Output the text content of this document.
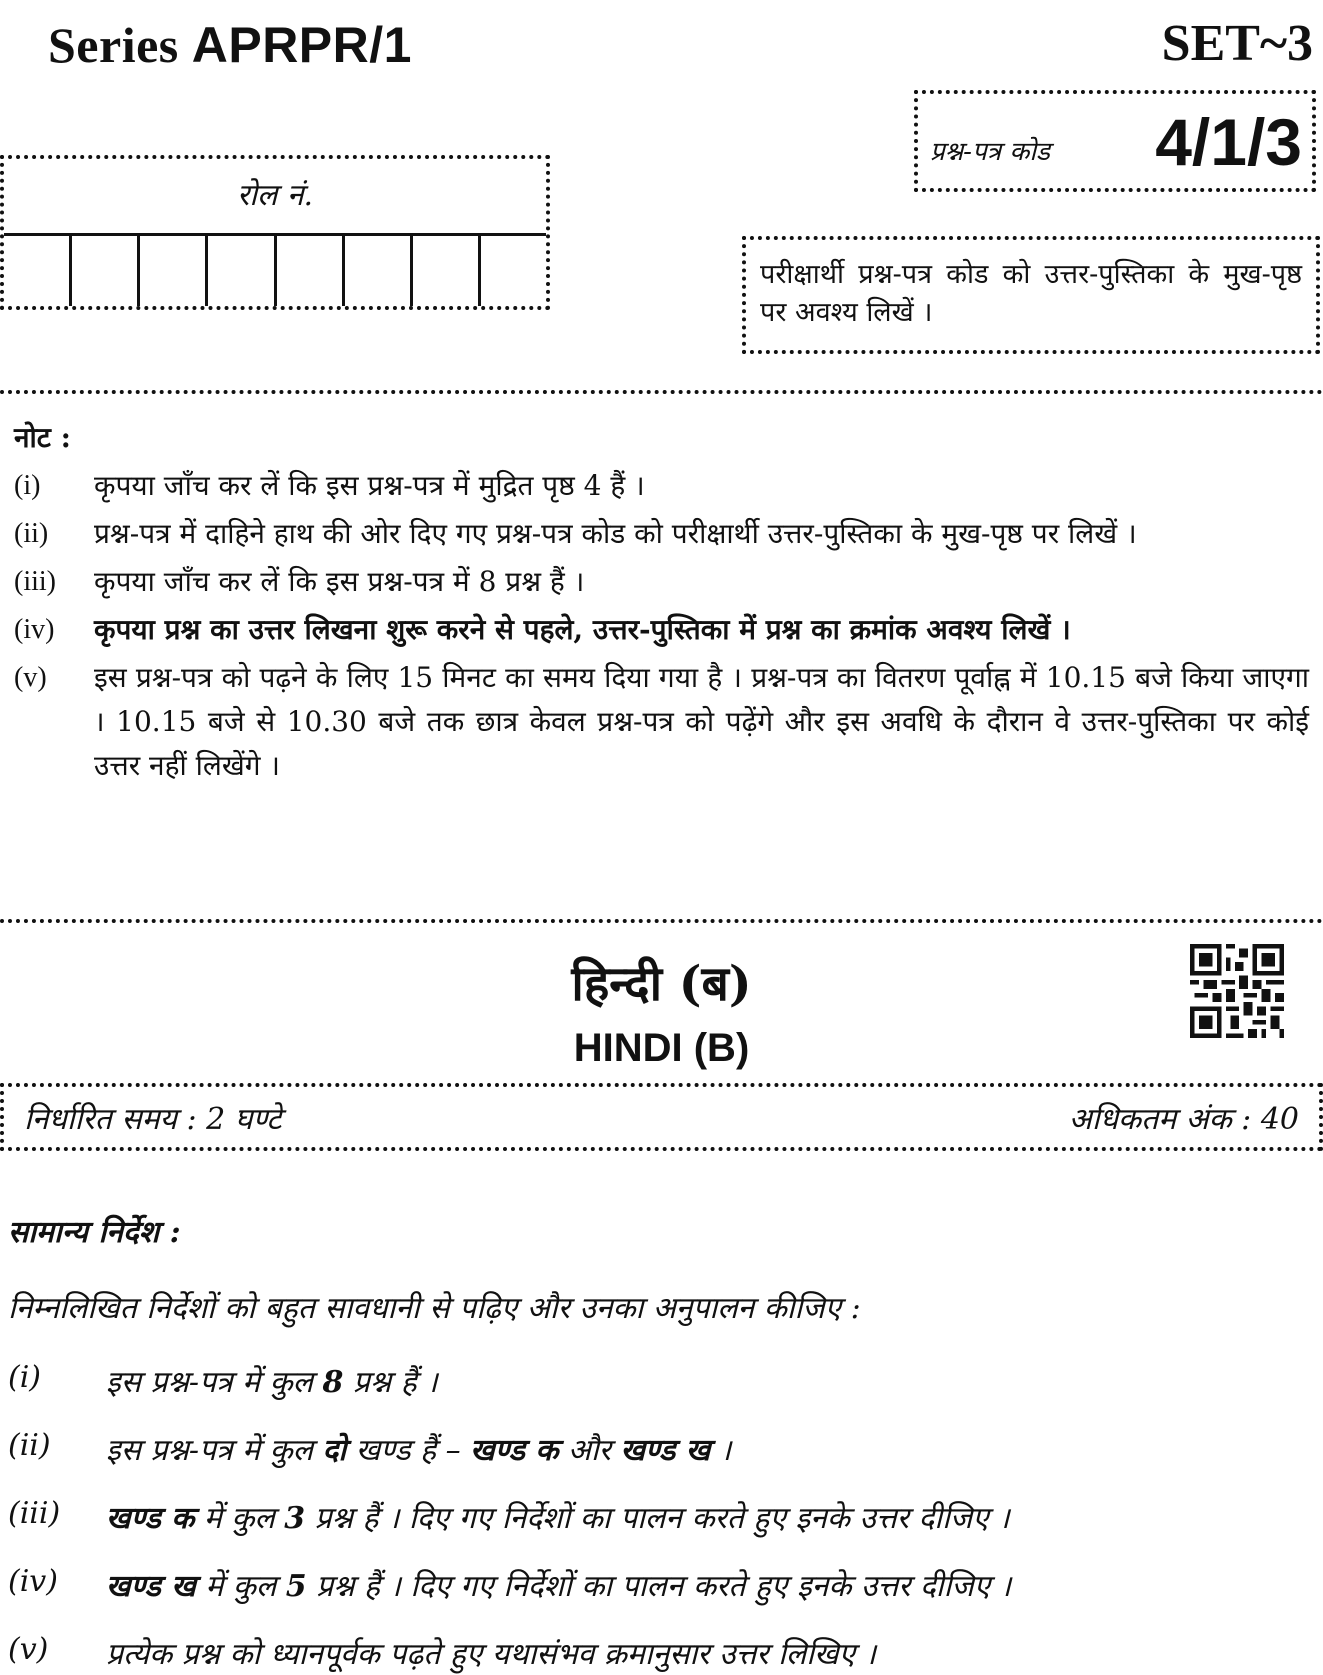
Series APRPR/1	SET~3
प्रश्न-पत्र कोड 4/1/3
रोल नं.
परीक्षार्थी प्रश्न-पत्र कोड को उत्तर-पुस्तिका के मुख-पृष्ठ पर अवश्य लिखें ।
नोट :
(i)	कृपया जाँच कर लें कि इस प्रश्न-पत्र में मुद्रित पृष्ठ 4 हैं ।
(ii)	प्रश्न-पत्र में दाहिने हाथ की ओर दिए गए प्रश्न-पत्र कोड को परीक्षार्थी उत्तर-पुस्तिका के मुख-पृष्ठ पर लिखें ।
(iii)	कृपया जाँच कर लें कि इस प्रश्न-पत्र में 8 प्रश्न हैं ।
(iv)	कृपया प्रश्न का उत्तर लिखना शुरू करने से पहले, उत्तर-पुस्तिका में प्रश्न का क्रमांक अवश्य लिखें ।
(v)	इस प्रश्न-पत्र को पढ़ने के लिए 15 मिनट का समय दिया गया है । प्रश्न-पत्र का वितरण पूर्वाह्न में 10.15 बजे किया जाएगा । 10.15 बजे से 10.30 बजे तक छात्र केवल प्रश्न-पत्र को पढ़ेंगे और इस अवधि के दौरान वे उत्तर-पुस्तिका पर कोई उत्तर नहीं लिखेंगे ।
हिन्दी (ब)
HINDI (B)
निर्धारित समय : 2 घण्टे	अधिकतम अंक : 40
सामान्य निर्देश :
निम्नलिखित निर्देशों को बहुत सावधानी से पढ़िए और उनका अनुपालन कीजिए :
(i)	इस प्रश्न-पत्र में कुल 8 प्रश्न हैं ।
(ii)	इस प्रश्न-पत्र में कुल दो खण्ड हैं – खण्ड क और खण्ड ख ।
(iii)	खण्ड क में कुल 3 प्रश्न हैं । दिए गए निर्देशों का पालन करते हुए इनके उत्तर दीजिए ।
(iv)	खण्ड ख में कुल 5 प्रश्न हैं । दिए गए निर्देशों का पालन करते हुए इनके उत्तर दीजिए ।
(v)	प्रत्येक प्रश्न को ध्यानपूर्वक पढ़ते हुए यथासंभव क्रमानुसार उत्तर लिखिए ।
